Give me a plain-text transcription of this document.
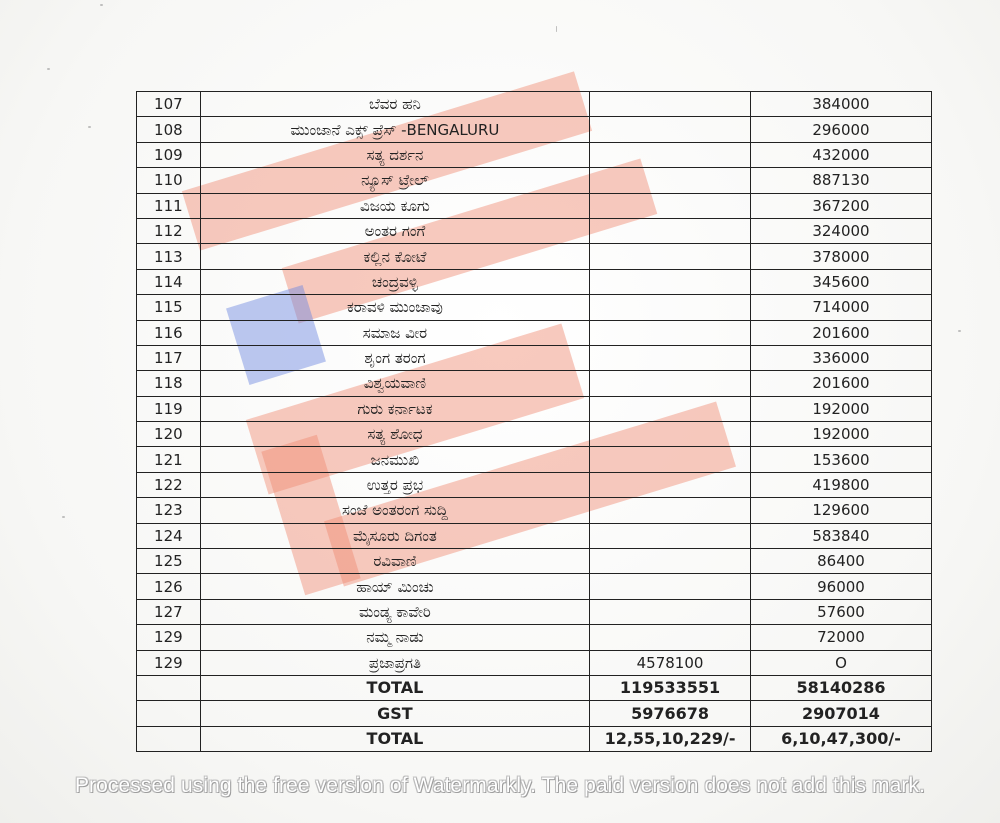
107	ಬೆವರ ಹನಿ		384000
108	ಮುಂಜಾನೆ ಎಕ್ಸ್ ಪ್ರೆಸ್ -BENGALURU		296000
109	ಸತ್ಯ ದರ್ಶನ		432000
110	ನ್ಯೂಸ್ ಟ್ರೇಲ್		887130
111	ವಿಜಯ ಕೂಗು		367200
112	ಅಂತರ ಗಂಗೆ		324000
113	ಕಲ್ಲಿನ ಕೋಟೆ		378000
114	ಚಂದ್ರವಳ್ಳಿ		345600
115	ಕರಾವಳಿ ಮುಂಜಾವು		714000
116	ಸಮಾಜ ವೀರ		201600
117	ಶೃಂಗ ತರಂಗ		336000
118	ವಿಶ್ವಯವಾಣಿ		201600
119	ಗುರು ಕರ್ನಾಟಕ		192000
120	ಸತ್ಯ ಶೋಧ		192000
121	ಜನಮುಖಿ		153600
122	ಉತ್ತರ ಪ್ರಭ		419800
123	ಸಂಜೆ ಅಂತರಂಗ ಸುದ್ದಿ		129600
124	ಮೈಸೂರು ದಿಗಂತ		583840
125	ರವಿವಾಣಿ		86400
126	ಹಾಯ್ ಮಿಂಚು		96000
127	ಮಂಡ್ಯ ಕಾವೇರಿ		57600
129	ನಮ್ಮ ನಾಡು		72000
129	ಪ್ರಜಾಪ್ರಗತಿ	4578100	O
	TOTAL	119533551	58140286
	GST	5976678	2907014
	TOTAL	12,55,10,229/-	6,10,47,300/-
Processed using the free version of Watermarkly. The paid version does not add this mark.
